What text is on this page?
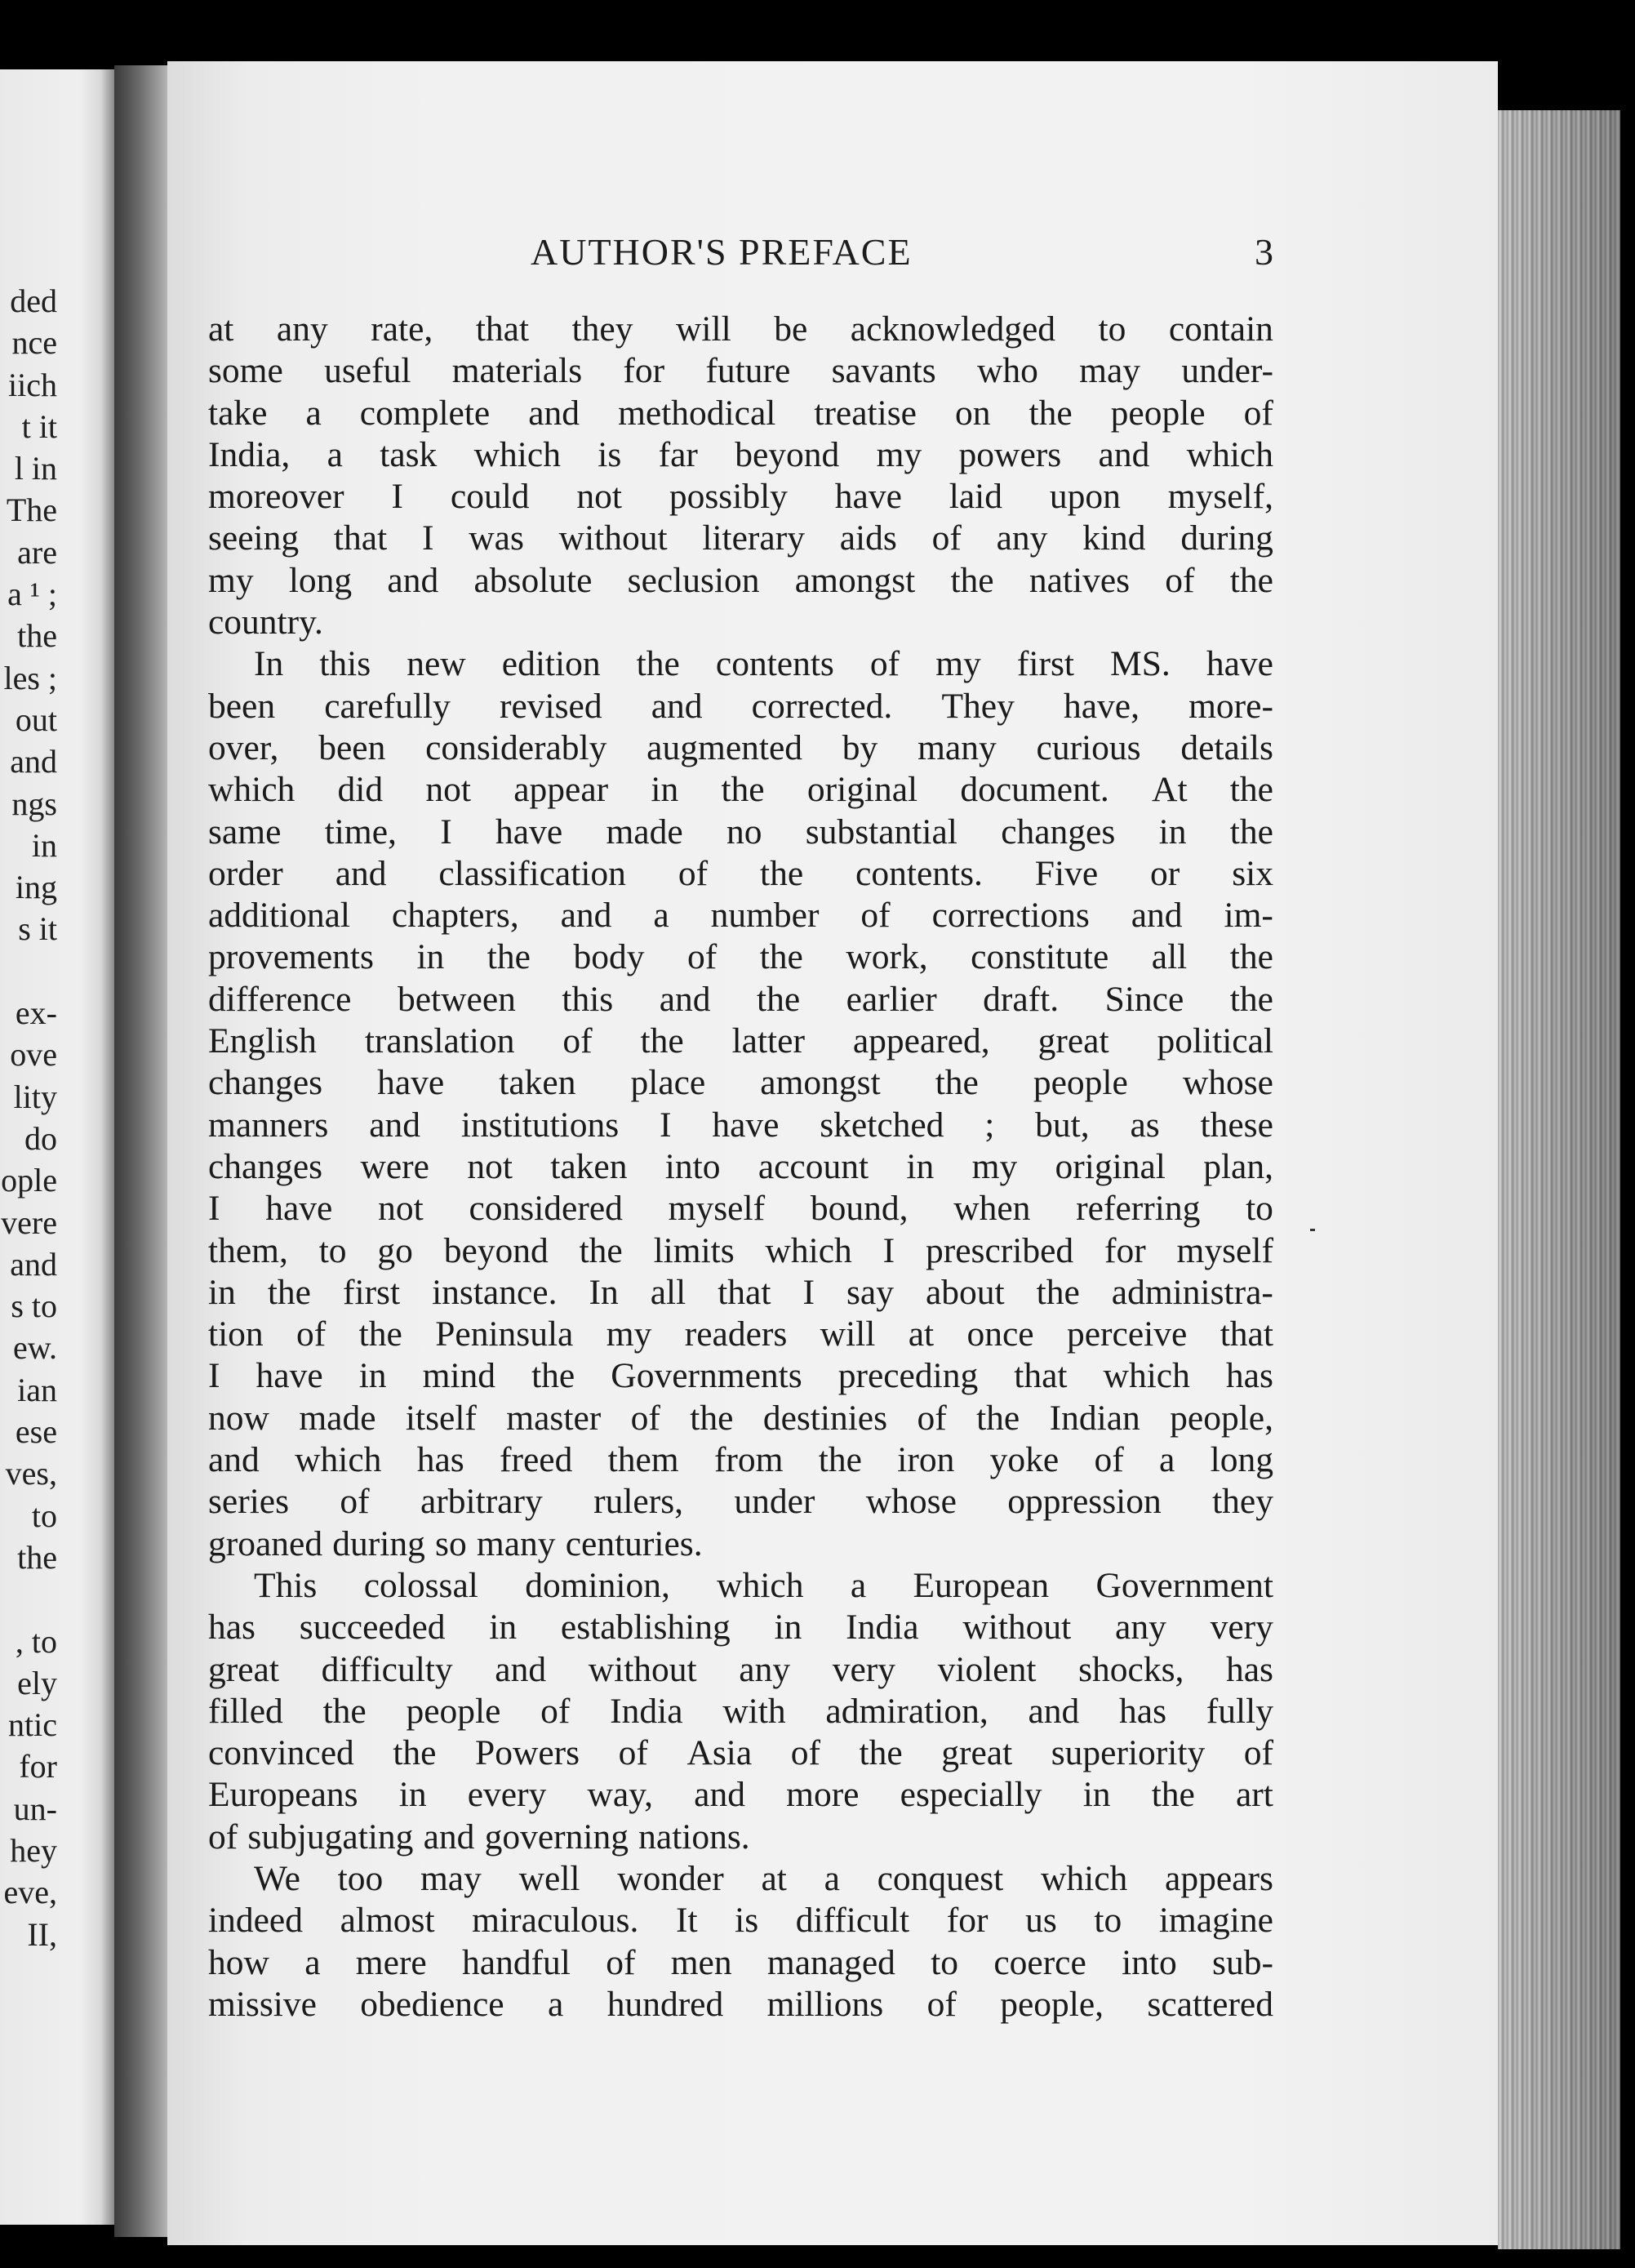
ded
nce
iich
t it
l in
The
are
a ¹ ;
the
les ;
out
and
ngs
in
ing
s it
ex-
ove
lity
do
ople
vere
and
s to
ew.
ian
ese
ves,
to
the
, to
ely
ntic
for
un-
hey
eve,
II,
AUTHOR'S PREFACE	3
at any rate, that they will be acknowledged to contain
some useful materials for future savants who may under-
take a complete and methodical treatise on the people of
India, a task which is far beyond my powers and which
moreover I could not possibly have laid upon myself,
seeing that I was without literary aids of any kind during
my long and absolute seclusion amongst the natives of the
country.
In this new edition the contents of my first MS. have
been carefully revised and corrected. They have, more-
over, been considerably augmented by many curious details
which did not appear in the original document. At the
same time, I have made no substantial changes in the
order and classification of the contents. Five or six
additional chapters, and a number of corrections and im-
provements in the body of the work, constitute all the
difference between this and the earlier draft. Since the
English translation of the latter appeared, great political
changes have taken place amongst the people whose
manners and institutions I have sketched ; but, as these
changes were not taken into account in my original plan,
I have not considered myself bound, when referring to
them, to go beyond the limits which I prescribed for myself
in the first instance. In all that I say about the administra-
tion of the Peninsula my readers will at once perceive that
I have in mind the Governments preceding that which has
now made itself master of the destinies of the Indian people,
and which has freed them from the iron yoke of a long
series of arbitrary rulers, under whose oppression they
groaned during so many centuries.
This colossal dominion, which a European Government
has succeeded in establishing in India without any very
great difficulty and without any very violent shocks, has
filled the people of India with admiration, and has fully
convinced the Powers of Asia of the great superiority of
Europeans in every way, and more especially in the art
of subjugating and governing nations.
We too may well wonder at a conquest which appears
indeed almost miraculous. It is difficult for us to imagine
how a mere handful of men managed to coerce into sub-
missive obedience a hundred millions of people, scattered
